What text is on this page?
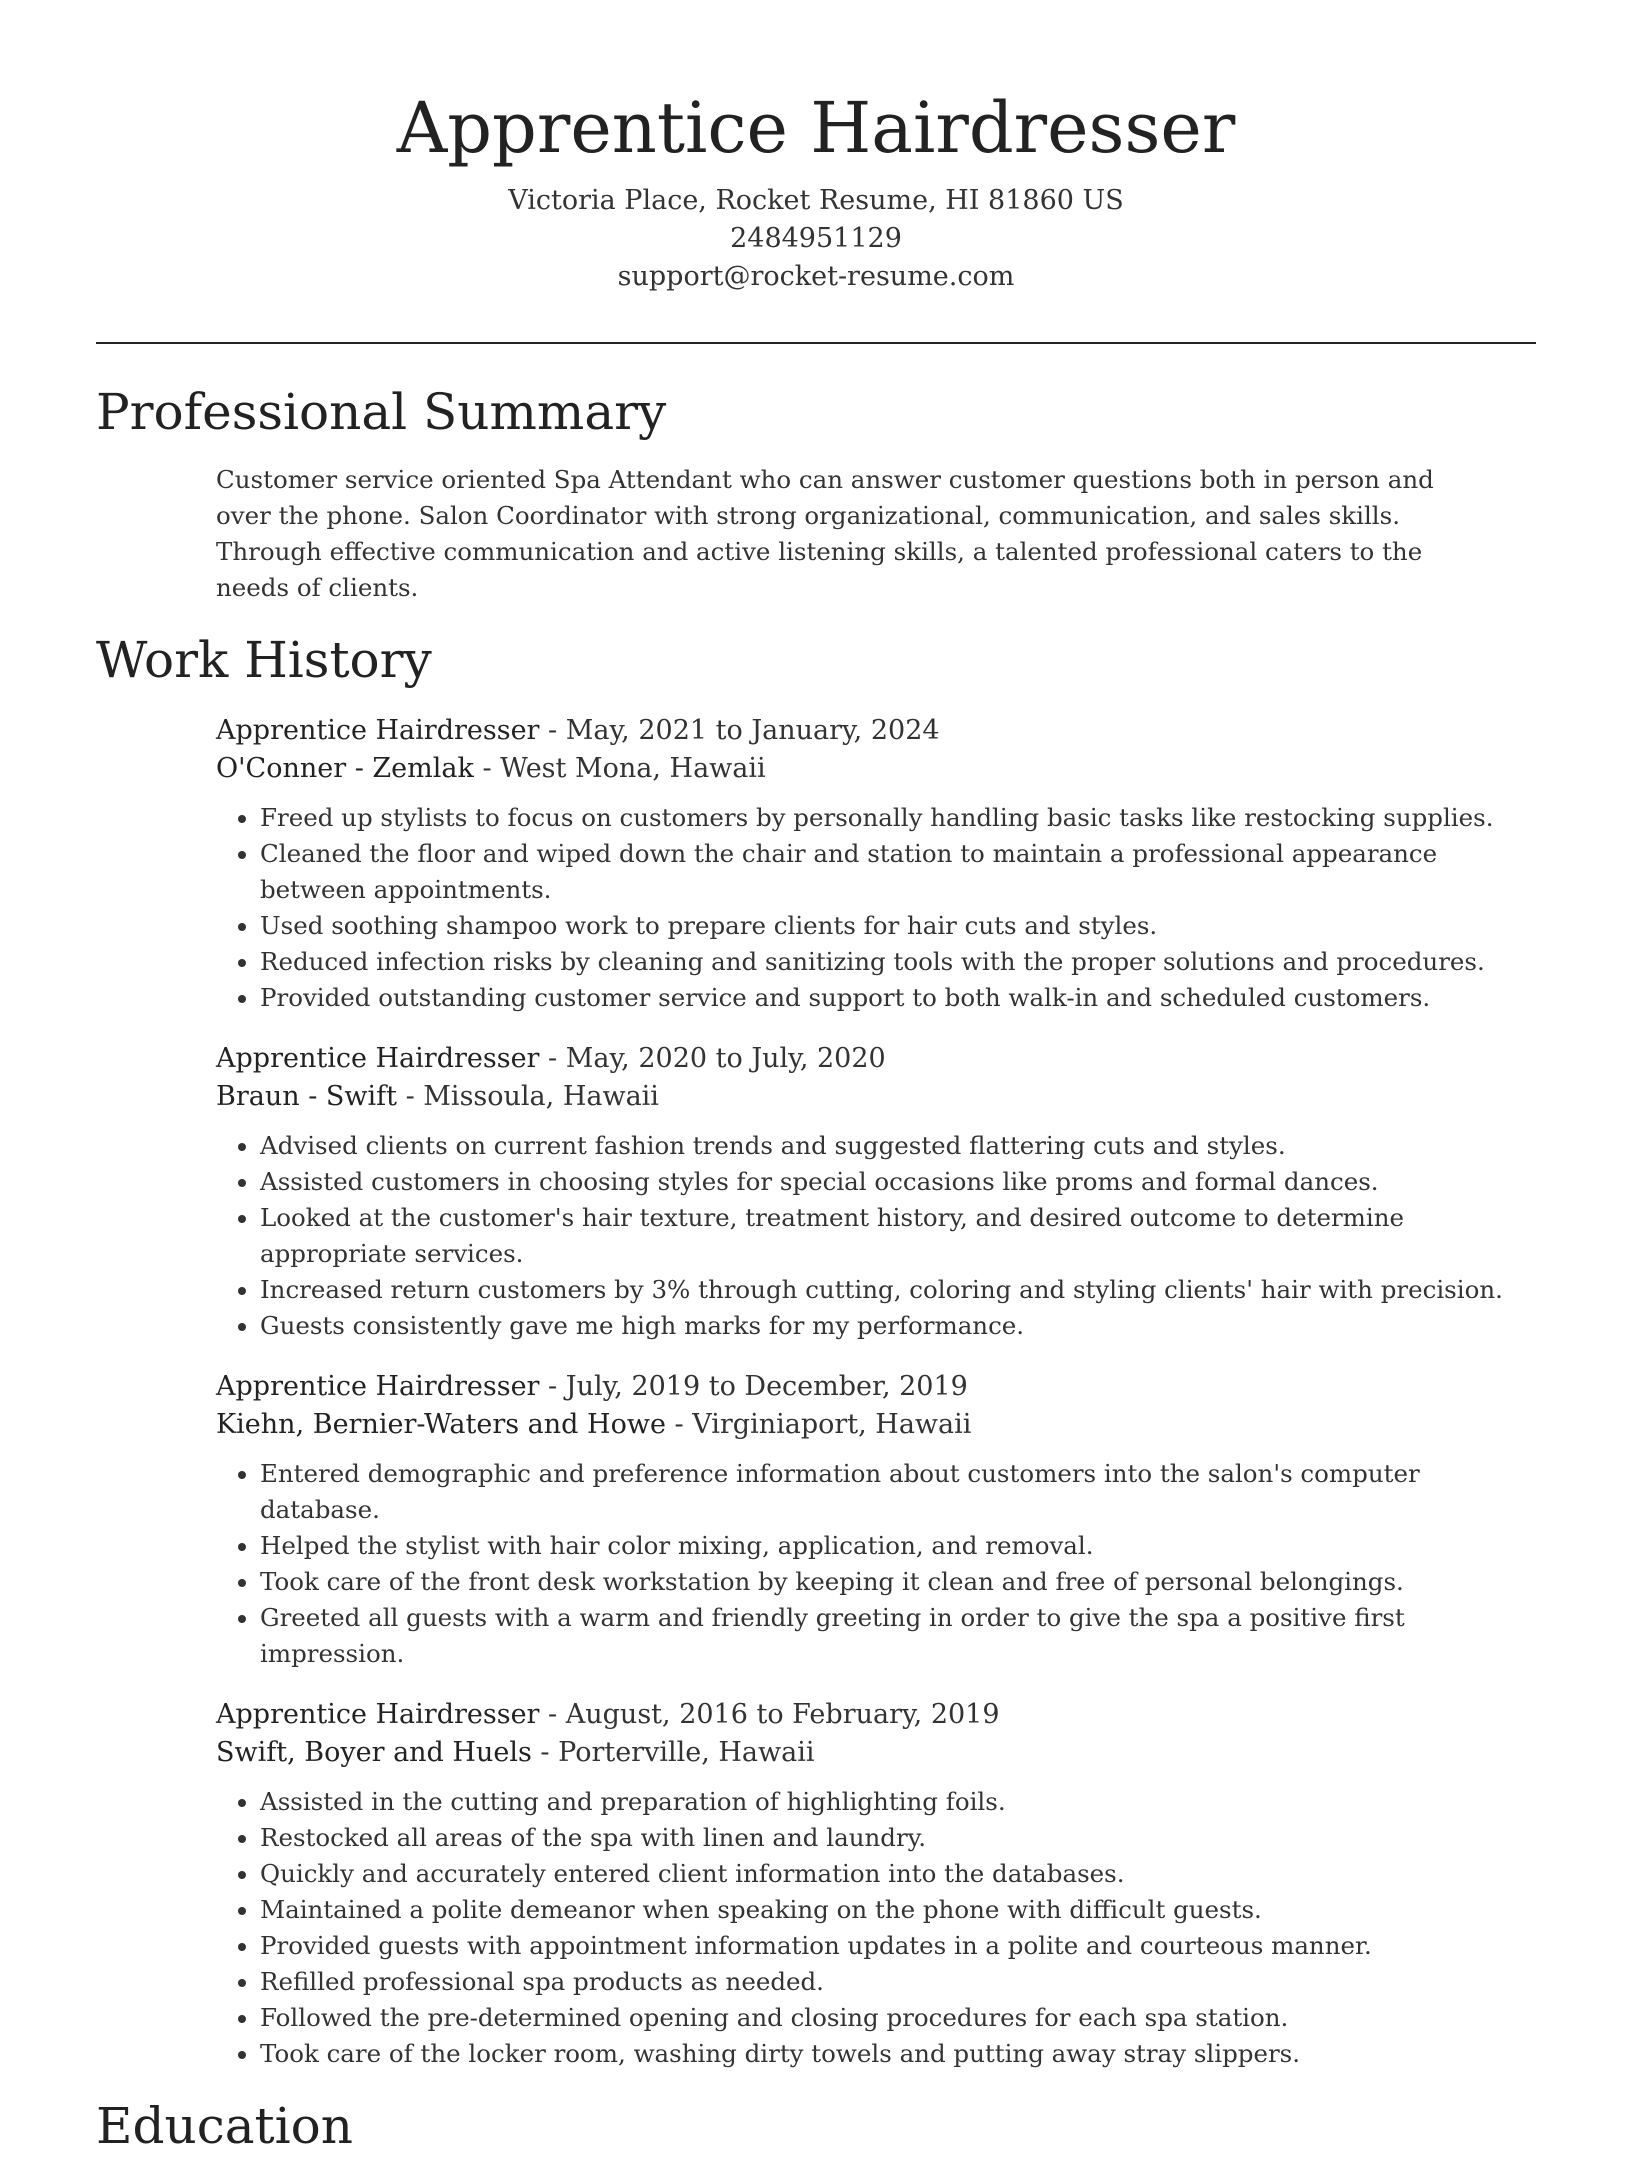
Apprentice Hairdresser
Victoria Place, Rocket Resume, HI 81860 US
2484951129
support@rocket-resume.com
Professional Summary

Customer service oriented Spa Attendant who can answer customer questions both in person and over the phone. Salon Coordinator with strong organizational, communication, and sales skills. Through effective communication and active listening skills, a talented professional caters to the needs of clients.

Work History
Apprentice Hairdresser - May, 2021 to January, 2024
O'Conner - Zemlak - West Mona, Hawaii
• Freed up stylists to focus on customers by personally handling basic tasks like restocking supplies.
• Cleaned the floor and wiped down the chair and station to maintain a professional appearance between appointments.
• Used soothing shampoo work to prepare clients for hair cuts and styles.
• Reduced infection risks by cleaning and sanitizing tools with the proper solutions and procedures.
• Provided outstanding customer service and support to both walk-in and scheduled customers.
Apprentice Hairdresser - May, 2020 to July, 2020
Braun - Swift - Missoula, Hawaii
• Advised clients on current fashion trends and suggested flattering cuts and styles.
• Assisted customers in choosing styles for special occasions like proms and formal dances.
• Looked at the customer's hair texture, treatment history, and desired outcome to determine appropriate services.
• Increased return customers by 3% through cutting, coloring and styling clients' hair with precision.
• Guests consistently gave me high marks for my performance.
Apprentice Hairdresser - July, 2019 to December, 2019
Kiehn, Bernier-Waters and Howe - Virginiaport, Hawaii
• Entered demographic and preference information about customers into the salon's computer database.
• Helped the stylist with hair color mixing, application, and removal.
• Took care of the front desk workstation by keeping it clean and free of personal belongings.
• Greeted all guests with a warm and friendly greeting in order to give the spa a positive first impression.
Apprentice Hairdresser - August, 2016 to February, 2019
Swift, Boyer and Huels - Porterville, Hawaii
• Assisted in the cutting and preparation of highlighting foils.
• Restocked all areas of the spa with linen and laundry.
• Quickly and accurately entered client information into the databases.
• Maintained a polite demeanor when speaking on the phone with difficult guests.
• Provided guests with appointment information updates in a polite and courteous manner.
• Refilled professional spa products as needed.
• Followed the pre-determined opening and closing procedures for each spa station.
• Took care of the locker room, washing dirty towels and putting away stray slippers.
Education
